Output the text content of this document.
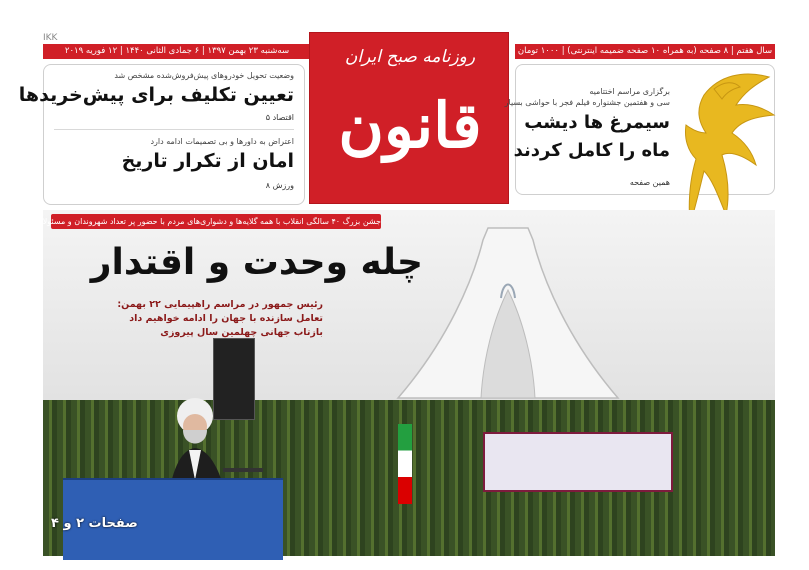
IKK
سه‌شنبه ۲۳ بهمن ۱۳۹۷ | ۶ جمادی الثانی ۱۴۴۰ | ۱۲ فوریه ۲۰۱۹	سال هفتم | ۸ صفحه (به همراه ۱۰ صفحه ضمیمه اینترنتی) | ۱۰۰۰ تومان
روزنامه صبح ایران
قانون
وضعیت تحویل خودروهای پیش‌فروش‌شده مشخص شد
تعیین تکلیف برای پیش‌خریدها
اقتصاد ۵
اعتراض به داورها و بی‌ تصمیمات ادامه دارد
امان از تکرار تاریخ
ورزش ۸
برگزاری مراسم اختتامیه
سی و هفتمین جشنواره فیلم فجر با حواشی بسیار
سیمرغ ها دیشب
ماه را کامل کردند
همین صفحه
جشن بزرگ ۴۰ سالگی انقلاب با همه گلایه‌ها و دشواری‌های مردم با حضور پر تعداد شهروندان و مسئولان برگزار شد
چله وحدت و اقتدار
رئیس جمهور در مراسم راهپیمایی ۲۲ بهمن:
تعامل سازنده با جهان را ادامه خواهیم داد
بازتاب جهانی چهلمین سال پیروزی
صفحات ۲ و ۴
